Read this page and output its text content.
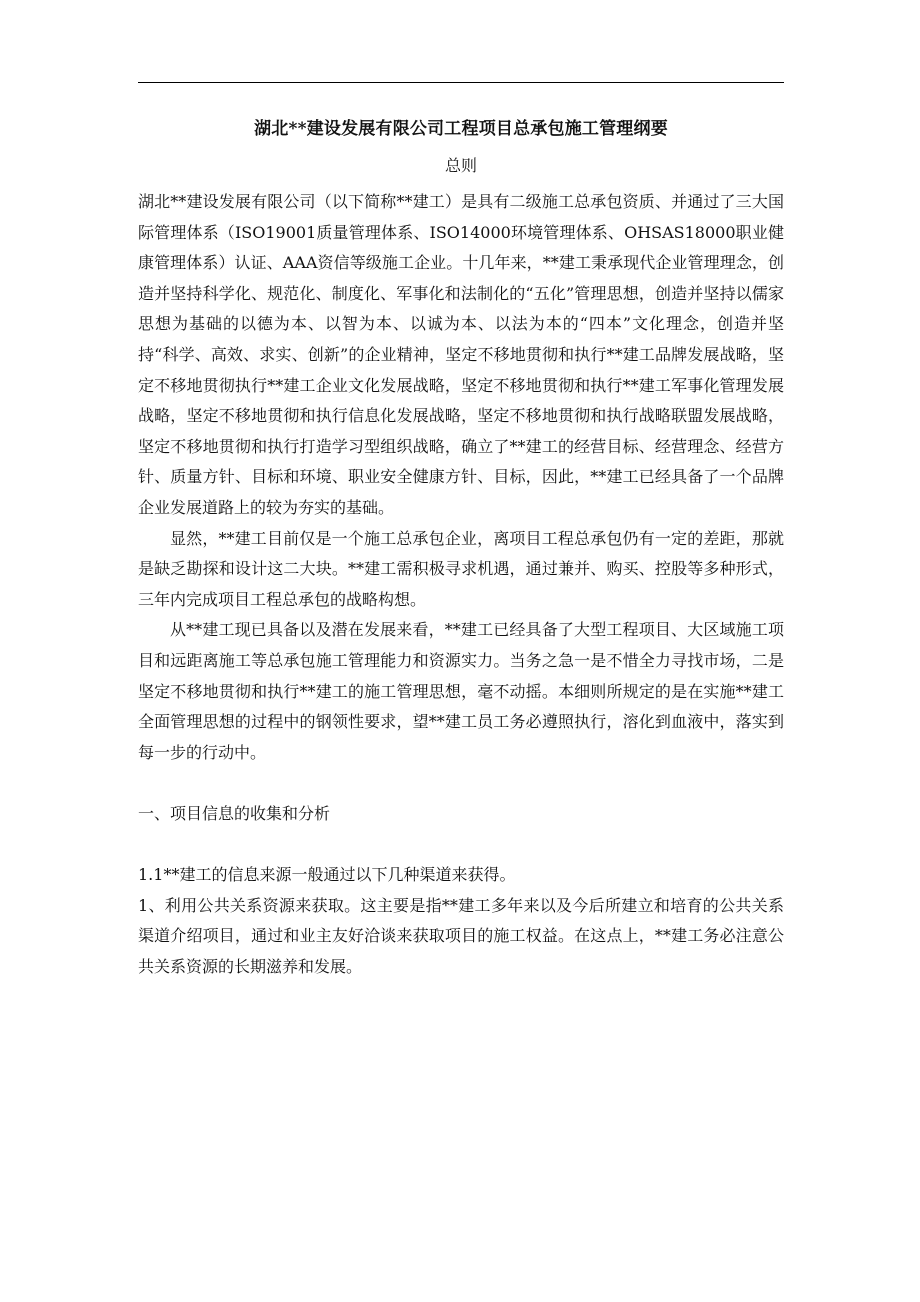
湖北**建设发展有限公司工程项目总承包施工管理纲要
总则

湖北**建设发展有限公司（以下简称**建工）是具有二级施工总承包资质、并通过了三大国际管理体系（ISO19001质量管理体系、ISO14000环境管理体系、OHSAS18000职业健康管理体系）认证、AAA资信等级施工企业。十几年来，**建工秉承现代企业管理理念，创造并坚持科学化、规范化、制度化、军事化和法制化的“五化”管理思想，创造并坚持以儒家思想为基础的以德为本、以智为本、以诚为本、以法为本的“四本”文化理念，创造并坚持“科学、高效、求实、创新”的企业精神，坚定不移地贯彻和执行**建工品牌发展战略，坚定不移地贯彻执行**建工企业文化发展战略，坚定不移地贯彻和执行**建工军事化管理发展战略，坚定不移地贯彻和执行信息化发展战略，坚定不移地贯彻和执行战略联盟发展战略，坚定不移地贯彻和执行打造学习型组织战略，确立了**建工的经营目标、经营理念、经营方针、质量方针、目标和环境、职业安全健康方针、目标，因此，**建工已经具备了一个品牌企业发展道路上的较为夯实的基础。

显然，**建工目前仅是一个施工总承包企业，离项目工程总承包仍有一定的差距，那就是缺乏勘探和设计这二大块。**建工需积极寻求机遇，通过兼并、购买、控股等多种形式，三年内完成项目工程总承包的战略构想。

从**建工现已具备以及潜在发展来看，**建工已经具备了大型工程项目、大区域施工项目和远距离施工等总承包施工管理能力和资源实力。当务之急一是不惜全力寻找市场，二是坚定不移地贯彻和执行**建工的施工管理思想，毫不动摇。本细则所规定的是在实施**建工全面管理思想的过程中的钢领性要求，望**建工员工务必遵照执行，溶化到血液中，落实到每一步的行动中。

一、项目信息的收集和分析

1.1**建工的信息来源一般通过以下几种渠道来获得。

1、利用公共关系资源来获取。这主要是指**建工多年来以及今后所建立和培育的公共关系渠道介绍项目，通过和业主友好洽谈来获取项目的施工权益。在这点上，**建工务必注意公共关系资源的长期滋养和发展。
